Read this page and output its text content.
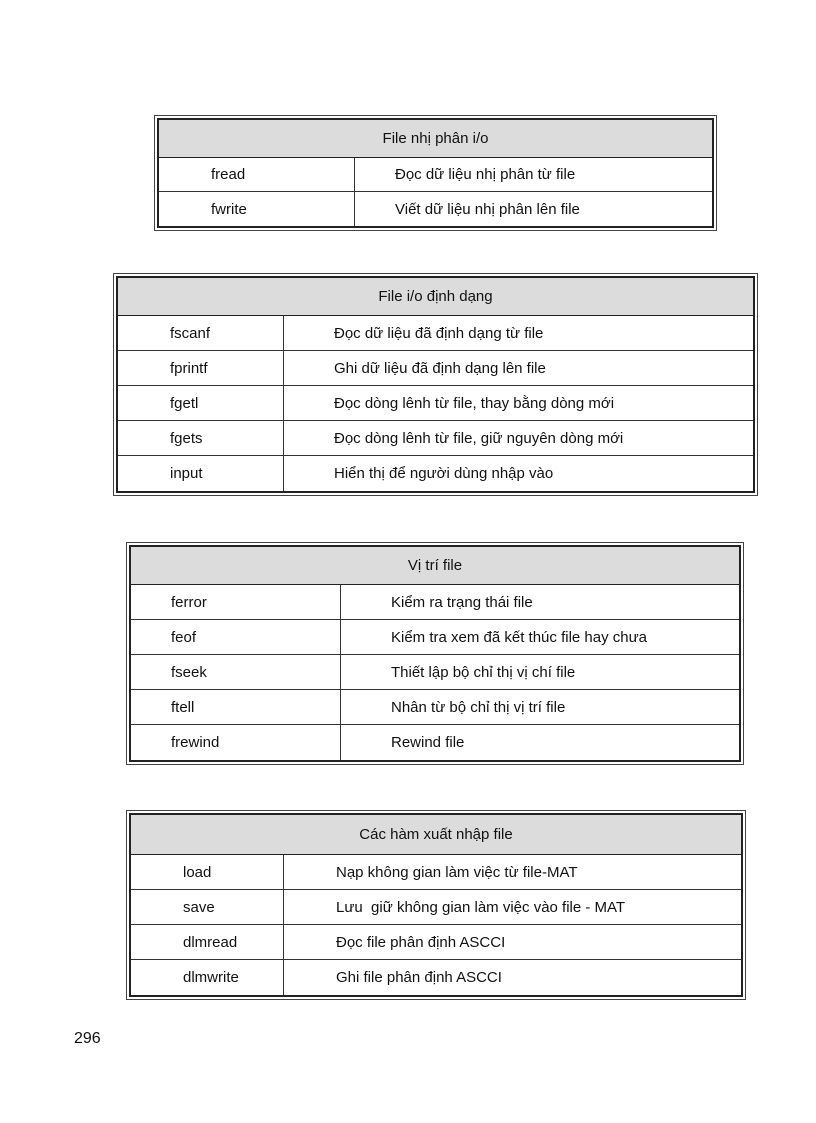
File nhị phân i/o
fread	Đọc dữ liệu nhị phân từ file
fwrite	Viết dữ liệu nhị phân lên file
File i/o định dạng
fscanf	Đọc dữ liệu đã định dạng từ file
fprintf	Ghi dữ liệu đã định dạng lên file
fgetl	Đọc dòng lênh từ file, thay bằng dòng mới
fgets	Đọc dòng lênh từ file, giữ nguyên dòng mới
input	Hiển thị để người dùng nhập vào
Vị trí file
ferror	Kiểm ra trạng thái file
feof	Kiểm tra xem đã kết thúc file hay chưa
fseek	Thiết lập bộ chỉ thị vị chí file
ftell	Nhân từ bộ chỉ thị vị trí file
frewind	Rewind file
Các hàm xuất nhập file
load	Nạp không gian làm việc từ file-MAT
save	Lưu  giữ không gian làm việc vào file - MAT
dlmread	Đọc file phân định ASCCI
dlmwrite	Ghi file phân định ASCCI
296
